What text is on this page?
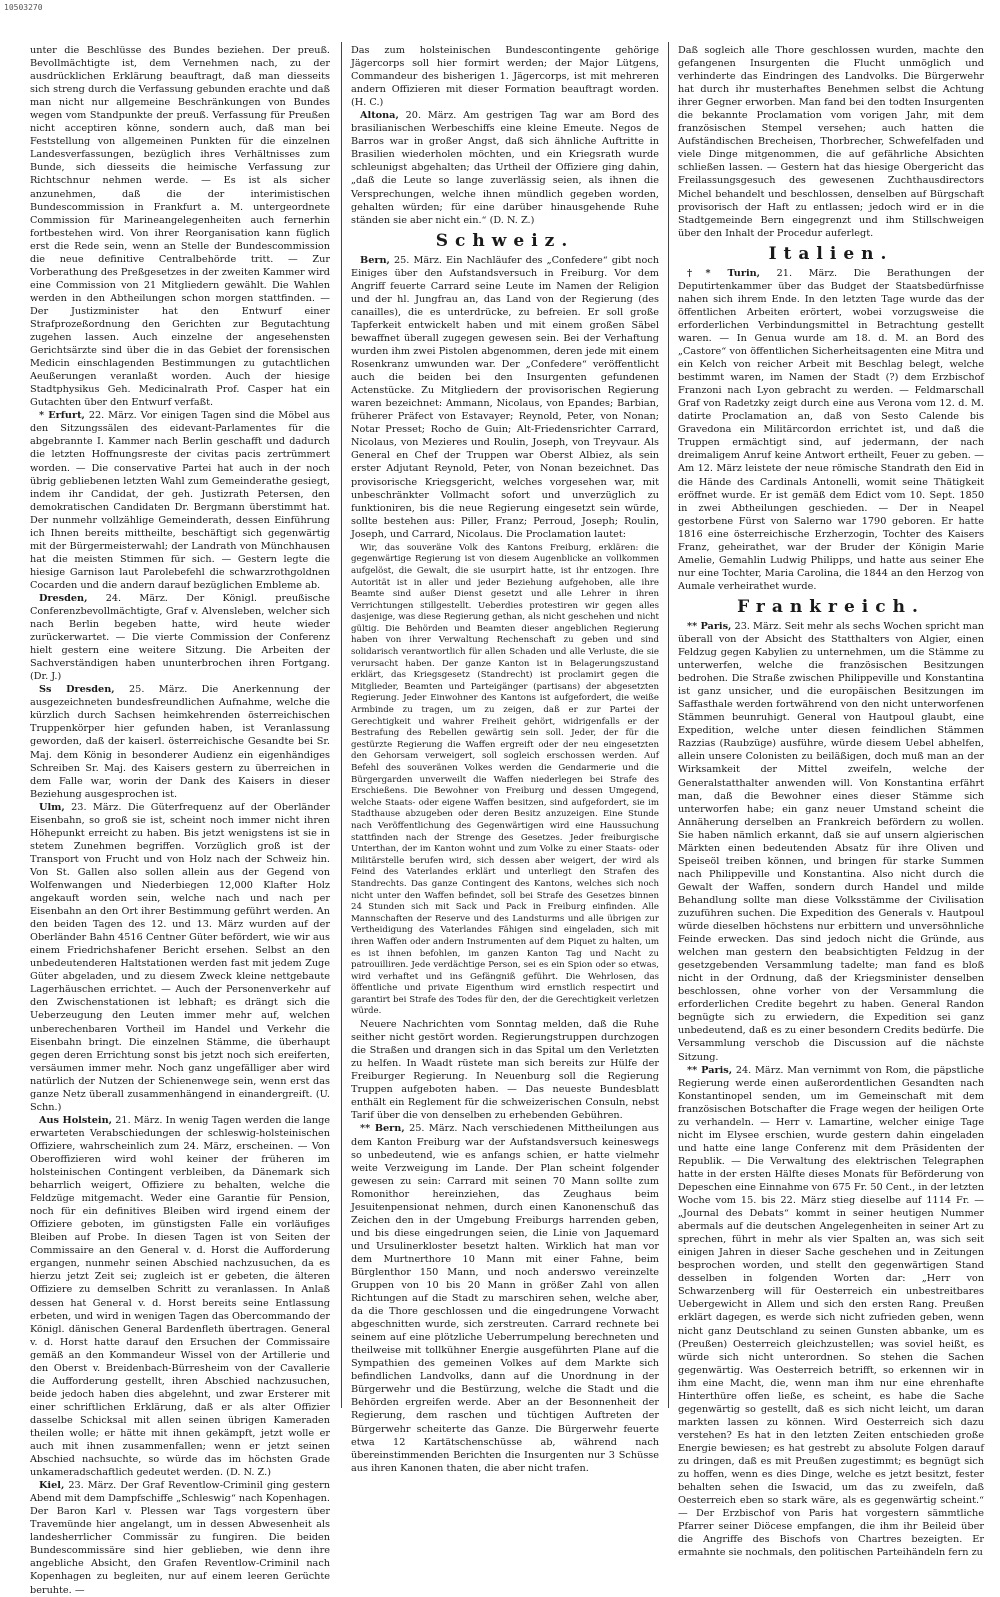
10503270

unter die Beschlüsse des Bundes beziehen. Der preuß. Bevollmächtigte ist, dem Vernehmen nach, zu der ausdrücklichen Erklärung beauftragt, daß man diesseits sich streng durch die Verfassung gebunden erachte und daß man nicht nur allgemeine Beschränkungen von Bundes wegen vom Standpunkte der preuß. Verfassung für Preußen nicht acceptiren könne, sondern auch, daß man bei Feststellung von allgemeinen Punkten für die einzelnen Landesverfassungen, bezüglich ihres Verhältnisses zum Bunde, sich diesseits die heimische Verfassung zur Richtschnur nehmen werde. — Es ist als sicher anzunehmen, daß die der interimistischen Bundescommission in Frankfurt a. M. untergeordnete Commission für Marineangelegenheiten auch fernerhin fortbestehen wird. Von ihrer Reorganisation kann füglich erst die Rede sein, wenn an Stelle der Bundescommission die neue definitive Centralbehörde tritt. — Zur Vorberathung des Preßgesetzes in der zweiten Kammer wird eine Commission von 21 Mitgliedern gewählt. Die Wahlen werden in den Abtheilungen schon morgen stattfinden. — Der Justizminister hat den Entwurf einer Strafprozeßordnung den Gerichten zur Begutachtung zugehen lassen. Auch einzelne der angesehensten Gerichtsärzte sind über die in das Gebiet der forensischen Medicin einschlagenden Bestimmungen zu gutachtlichen Aeußerungen veranlaßt worden. Auch der hiesige Stadtphysikus Geh. Medicinalrath Prof. Casper hat ein Gutachten über den Entwurf verfaßt.

* Erfurt, 22. März. Vor einigen Tagen sind die Möbel aus den Sitzungssälen des eidevant-Parlamentes für die abgebrannte I. Kammer nach Berlin geschafft und dadurch die letzten Hoffnungsreste der civitas pacis zertrümmert worden. — Die conservative Partei hat auch in der noch übrig gebliebenen letzten Wahl zum Gemeinderathe gesiegt, indem ihr Candidat, der geh. Justizrath Petersen, den demokratischen Candidaten Dr. Bergmann überstimmt hat. Der nunmehr vollzählige Gemeinderath, dessen Einführung ich Ihnen bereits mittheilte, beschäftigt sich gegenwärtig mit der Bürgermeisterwahl; der Landrath von Münchhausen hat die meisten Stimmen für sich. — Gestern legte die hiesige Garnison laut Parolebefehl die schwarzrothgoldnen Cocarden und die andern darauf bezüglichen Embleme ab.

Dresden, 24. März. Der Königl. preußische Conferenzbevollmächtigte, Graf v. Alvensleben, welcher sich nach Berlin begeben hatte, wird heute wieder zurückerwartet. — Die vierte Commission der Conferenz hielt gestern eine weitere Sitzung. Die Arbeiten der Sachverständigen haben ununterbrochen ihren Fortgang. (Dr. J.)

Ss Dresden, 25. März. Die Anerkennung der ausgezeichneten bundesfreundlichen Aufnahme, welche die kürzlich durch Sachsen heimkehrenden österreichischen Truppenkörper hier gefunden haben, ist Veranlassung geworden, daß der kaiserl. österreichische Gesandte bei Sr. Maj. dem König in besonderer Audienz ein eigenhändiges Schreiben Sr. Maj. des Kaisers gestern zu überreichen in dem Falle war, worin der Dank des Kaisers in dieser Beziehung ausgesprochen ist.

Ulm, 23. März. Die Güterfrequenz auf der Oberländer Eisenbahn, so groß sie ist, scheint noch immer nicht ihren Höhepunkt erreicht zu haben. Bis jetzt wenigstens ist sie in stetem Zunehmen begriffen. Vorzüglich groß ist der Transport von Frucht und von Holz nach der Schweiz hin. Von St. Gallen also sollen allein aus der Gegend von Wolfenwangen und Niederbiegen 12,000 Klafter Holz angekauft worden sein, welche nach und nach per Eisenbahn an den Ort ihrer Bestimmung geführt werden. An den beiden Tagen des 12. und 13. März wurden auf der Oberländer Bahn 4516 Centner Güter befördert, wie wir aus einem Friedrichshafener Bericht ersehen. Selbst an den unbedeutenderen Haltstationen werden fast mit jedem Zuge Güter abgeladen, und zu diesem Zweck kleine nettgebaute Lagerhäuschen errichtet. — Auch der Personenverkehr auf den Zwischenstationen ist lebhaft; es drängt sich die Ueberzeugung den Leuten immer mehr auf, welchen unberechenbaren Vortheil im Handel und Verkehr die Eisenbahn bringt. Die einzelnen Stämme, die überhaupt gegen deren Errichtung sonst bis jetzt noch sich ereiferten, versäumen immer mehr. Noch ganz ungefälliger aber wird natürlich der Nutzen der Schienenwege sein, wenn erst das ganze Netz überall zusammenhängend in einandergreift. (U. Schn.)

Aus Holstein, 21. März. In wenig Tagen werden die lange erwarteten Verabschiedungen der schleswig-holsteinischen Offiziere, wahrscheinlich zum 24. März, erscheinen. — Von Oberoffizieren wird wohl keiner der früheren im holsteinischen Contingent verbleiben, da Dänemark sich beharrlich weigert, Offiziere zu behalten, welche die Feldzüge mitgemacht. Weder eine Garantie für Pension, noch für ein definitives Bleiben wird irgend einem der Offiziere geboten, im günstigsten Falle ein vorläufiges Bleiben auf Probe. In diesen Tagen ist von Seiten der Commissaire an den General v. d. Horst die Aufforderung ergangen, nunmehr seinen Abschied nachzusuchen, da es hierzu jetzt Zeit sei; zugleich ist er gebeten, die älteren Offiziere zu demselben Schritt zu veranlassen. In Anlaß dessen hat General v. d. Horst bereits seine Entlassung erbeten, und wird in wenigen Tagen das Obercommando der Königl. dänischen General Bardenfleth übertragen. General v. d. Horst hatte darauf den Ersuchen der Commissaire gemäß an den Kommandeur Wissel von der Artillerie und den Oberst v. Breidenbach-Bürresheim von der Cavallerie die Aufforderung gestellt, ihren Abschied nachzusuchen, beide jedoch haben dies abgelehnt, und zwar Ersterer mit einer schriftlichen Erklärung, daß er als alter Offizier dasselbe Schicksal mit allen seinen übrigen Kameraden theilen wolle; er hätte mit ihnen gekämpft, jetzt wolle er auch mit ihnen zusammenfallen; wenn er jetzt seinen Abschied nachsuchte, so würde das im höchsten Grade unkameradschaftlich gedeutet werden. (D. N. Z.)

Kiel, 23. März. Der Graf Reventlow-Criminil ging gestern Abend mit dem Dampfschiffe „Schleswig“ nach Kopenhagen. Der Baron Karl v. Plessen war Tags vorgestern über Travemünde hier angelangt, um in dessen Abwesenheit als landesherrlicher Commissär zu fungiren. Die beiden Bundescommissäre sind hier geblieben, wie denn ihre angebliche Absicht, den Grafen Reventlow-Criminil nach Kopenhagen zu begleiten, nur auf einem leeren Gerüchte beruhte. —

Das zum holsteinischen Bundescontingente gehörige Jägercorps soll hier formirt werden; der Major Lütgens, Commandeur des bisherigen 1. Jägercorps, ist mit mehreren andern Offizieren mit dieser Formation beauftragt worden. (H. C.)

Altona, 20. März. Am gestrigen Tag war am Bord des brasilianischen Werbeschiffs eine kleine Emeute. Negos de Barros war in großer Angst, daß sich ähnliche Auftritte in Brasilien wiederholen möchten, und ein Kriegsrath wurde schleunigst abgehalten; das Urtheil der Offiziere ging dahin, „daß die Leute so lange zuverlässig seien, als ihnen die Versprechungen, welche ihnen mündlich gegeben worden, gehalten würden; für eine darüber hinausgehende Ruhe ständen sie aber nicht ein.“ (D. N. Z.)

Schweiz.

Bern, 25. März. Ein Nachläufer des „Confedere“ gibt noch Einiges über den Aufstandsversuch in Freiburg. Vor dem Angriff feuerte Carrard seine Leute im Namen der Religion und der hl. Jungfrau an, das Land von der Regierung (des canailles), die es unterdrücke, zu befreien. Er soll große Tapferkeit entwickelt haben und mit einem großen Säbel bewaffnet überall zugegen gewesen sein. Bei der Verhaftung wurden ihm zwei Pistolen abgenommen, deren jede mit einem Rosenkranz umwunden war. Der „Confedere“ veröffentlicht auch die beiden bei den Insurgenten gefundenen Actenstücke. Zu Mitgliedern der provisorischen Regierung waren bezeichnet: Ammann, Nicolaus, von Epandes; Barbian, früherer Präfect von Estavayer; Reynold, Peter, von Nonan; Notar Presset; Rocho de Guin; Alt-Friedensrichter Carrard, Nicolaus, von Mezieres und Roulin, Joseph, von Treyvaur. Als General en Chef der Truppen war Oberst Albiez, als sein erster Adjutant Reynold, Peter, von Nonan bezeichnet. Das provisorische Kriegsgericht, welches vorgesehen war, mit unbeschränkter Vollmacht sofort und unverzüglich zu funktioniren, bis die neue Regierung eingesetzt sein würde, sollte bestehen aus: Piller, Franz; Perroud, Joseph; Roulin, Joseph, und Carrard, Nicolaus. Die Proclamation lautet:

Wir, das souveräne Volk des Kantons Freiburg, erklären: die gegenwärtige Regierung ist von diesem Augenblicke an vollkommen aufgelöst, die Gewalt, die sie usurpirt hatte, ist ihr entzogen. Ihre Autorität ist in aller und jeder Beziehung aufgehoben, alle ihre Beamte sind außer Dienst gesetzt und alle Lehrer in ihren Verrichtungen stillgestellt. Ueberdies protestiren wir gegen alles dasjenige, was diese Regierung gethan, als nicht geschehen und nicht gültig. Die Behörden und Beamten dieser angeblichen Regierung haben von ihrer Verwaltung Rechenschaft zu geben und sind solidarisch verantwortlich für allen Schaden und alle Verluste, die sie verursacht haben. Der ganze Kanton ist in Belagerungszustand erklärt, das Kriegsgesetz (Standrecht) ist proclamirt gegen die Mitglieder, Beamten und Parteigänger (partisans) der abgesetzten Regierung. Jeder Einwohner des Kantons ist aufgefordert, die weiße Armbinde zu tragen, um zu zeigen, daß er zur Partei der Gerechtigkeit und wahrer Freiheit gehört, widrigenfalls er der Bestrafung des Rebellen gewärtig sein soll. Jeder, der für die gestürzte Regierung die Waffen ergreift oder der neu eingesetzten den Gehorsam verweigert, soll sogleich erschossen werden. Auf Befehl des souveränen Volkes werden die Gendarmerie und die Bürgergarden unverweilt die Waffen niederlegen bei Strafe des Erschießens. Die Bewohner von Freiburg und dessen Umgegend, welche Staats- oder eigene Waffen besitzen, sind aufgefordert, sie im Stadthause abzugeben oder deren Besitz anzuzeigen. Eine Stunde nach Veröffentlichung des Gegenwärtigen wird eine Haussuchung stattfinden nach der Strenge des Gesetzes. Jeder freiburgische Unterthan, der im Kanton wohnt und zum Volke zu einer Staats- oder Militärstelle berufen wird, sich dessen aber weigert, der wird als Feind des Vaterlandes erklärt und unterliegt den Strafen des Standrechts. Das ganze Contingent des Kantons, welches sich noch nicht unter den Waffen befindet, soll bei Strafe des Gesetzes binnen 24 Stunden sich mit Sack und Pack in Freiburg einfinden. Alle Mannschaften der Reserve und des Landsturms und alle übrigen zur Vertheidigung des Vaterlandes Fähigen sind eingeladen, sich mit ihren Waffen oder andern Instrumenten auf dem Piquet zu halten, um es ist ihnen befohlen, im ganzen Kanton Tag und Nacht zu patrouilliren. Jede verdächtige Person, sei es ein Spion oder so etwas, wird verhaftet und ins Gefängniß geführt. Die Wehrlosen, das öffentliche und private Eigenthum wird ernstlich respectirt und garantirt bei Strafe des Todes für den, der die Gerechtigkeit verletzen würde.

Neuere Nachrichten vom Sonntag melden, daß die Ruhe seither nicht gestört worden. Regierungstruppen durchzogen die Straßen und drangen sich in das Spital um den Verletzten zu helfen. In Waadt rüstete man sich bereits zur Hülfe der Freiburger Regierung. In Neuenburg soll die Regierung Truppen aufgeboten haben. — Das neueste Bundesblatt enthält ein Reglement für die schweizerischen Consuln, nebst Tarif über die von denselben zu erhebenden Gebühren.

** Bern, 25. März. Nach verschiedenen Mittheilungen aus dem Kanton Freiburg war der Aufstandsversuch keineswegs so unbedeutend, wie es anfangs schien, er hatte vielmehr weite Verzweigung im Lande. Der Plan scheint folgender gewesen zu sein: Carrard mit seinen 70 Mann sollte zum Romonithor hereinziehen, das Zeughaus beim Jesuitenpensionat nehmen, durch einen Kanonenschuß das Zeichen den in der Umgebung Freiburgs harrenden geben, und bis diese eingedrungen seien, die Linie von Jaquemard und Ursulinerkloster besetzt halten. Wirklich hat man vor dem Murtnerthore 10 Mann mit einer Fahne, beim Bürglenthor 150 Mann, und noch anderswo vereinzelte Gruppen von 10 bis 20 Mann in größer Zahl von allen Richtungen auf die Stadt zu marschiren sehen, welche aber, da die Thore geschlossen und die eingedrungene Vorwacht abgeschnitten wurde, sich zerstreuten. Carrard rechnete bei seinem auf eine plötzliche Ueberrumpelung berechneten und theilweise mit tollkühner Energie ausgeführten Plane auf die Sympathien des gemeinen Volkes auf dem Markte sich befindlichen Landvolks, dann auf die Unordnung in der Bürgerwehr und die Bestürzung, welche die Stadt und die Behörden ergreifen werde. Aber an der Besonnenheit der Regierung, dem raschen und tüchtigen Auftreten der Bürgerwehr scheiterte das Ganze. Die Bürgerwehr feuerte etwa 12 Kartätschenschüsse ab, während nach übereinstimmenden Berichten die Insurgenten nur 3 Schüsse aus ihren Kanonen thaten, die aber nicht trafen.

Daß sogleich alle Thore geschlossen wurden, machte den gefangenen Insurgenten die Flucht unmöglich und verhinderte das Eindringen des Landvolks. Die Bürgerwehr hat durch ihr musterhaftes Benehmen selbst die Achtung ihrer Gegner erworben. Man fand bei den todten Insurgenten die bekannte Proclamation vom vorigen Jahr, mit dem französischen Stempel versehen; auch hatten die Aufständischen Brecheisen, Thorbrecher, Schwefelfaden und viele Dinge mitgenommen, die auf gefährliche Absichten schließen lassen. — Gestern hat das hiesige Obergericht das Freilassungsgesuch des gewesenen Zuchthausdirectors Michel behandelt und beschlossen, denselben auf Bürgschaft provisorisch der Haft zu entlassen; jedoch wird er in die Stadtgemeinde Bern eingegrenzt und ihm Stillschweigen über den Inhalt der Procedur auferlegt.

Italien.

†* Turin, 21. März. Die Berathungen der Deputirtenkammer über das Budget der Staatsbedürfnisse nahen sich ihrem Ende. In den letzten Tage wurde das der öffentlichen Arbeiten erörtert, wobei vorzugsweise die erforderlichen Verbindungsmittel in Betrachtung gestellt waren. — In Genua wurde am 18. d. M. an Bord des „Castore“ von öffentlichen Sicherheitsagenten eine Mitra und ein Kelch von reicher Arbeit mit Beschlag belegt, welche bestimmt waren, im Namen der Stadt (?) dem Erzbischof Franzoni nach Lyon gebracht zu werden. — Feldmarschall Graf von Radetzky zeigt durch eine aus Verona vom 12. d. M. datirte Proclamation an, daß von Sesto Calende bis Gravedona ein Militärcordon errichtet ist, und daß die Truppen ermächtigt sind, auf jedermann, der nach dreimaligem Anruf keine Antwort ertheilt, Feuer zu geben. — Am 12. März leistete der neue römische Standrath den Eid in die Hände des Cardinals Antonelli, womit seine Thätigkeit eröffnet wurde. Er ist gemäß dem Edict vom 10. Sept. 1850 in zwei Abtheilungen geschieden. — Der in Neapel gestorbene Fürst von Salerno war 1790 geboren. Er hatte 1816 eine österreichische Erzherzogin, Tochter des Kaisers Franz, geheirathet, war der Bruder der Königin Marie Amelie, Gemahlin Ludwig Philipps, und hatte aus seiner Ehe nur eine Tochter, Maria Carolina, die 1844 an den Herzog von Aumale verheirathet wurde.

Frankreich.

** Paris, 23. März. Seit mehr als sechs Wochen spricht man überall von der Absicht des Statthalters von Algier, einen Feldzug gegen Kabylien zu unternehmen, um die Stämme zu unterwerfen, welche die französischen Besitzungen bedrohen. Die Straße zwischen Philippeville und Konstantina ist ganz unsicher, und die europäischen Besitzungen im Saffasthale werden fortwährend von den nicht unterworfenen Stämmen beunruhigt. General von Hautpoul glaubt, eine Expedition, welche unter diesen feindlichen Stämmen Razzias (Raubzüge) ausführe, würde diesem Uebel abhelfen, allein unsere Colonisten zu beiläßigen, doch muß man an der Wirksamkeit der Mittel zweifeln, welche der Generalstatthalter anwenden will. Von Konstantina erfährt man, daß die Bewohner eines dieser Stämme sich unterworfen habe; ein ganz neuer Umstand scheint die Annäherung derselben an Frankreich befördern zu wollen. Sie haben nämlich erkannt, daß sie auf unsern algierischen Märkten einen bedeutenden Absatz für ihre Oliven und Speiseöl treiben können, und bringen für starke Summen nach Philippeville und Konstantina. Also nicht durch die Gewalt der Waffen, sondern durch Handel und milde Behandlung sollte man diese Volksstämme der Civilisation zuzuführen suchen. Die Expedition des Generals v. Hautpoul würde dieselben höchstens nur erbittern und unversöhnliche Feinde erwecken. Das sind jedoch nicht die Gründe, aus welchen man gestern den beabsichtigten Feldzug in der gesetzgebenden Versammlung tadelte; man fand es bloß nicht in der Ordnung, daß der Kriegsminister denselben beschlossen, ohne vorher von der Versammlung die erforderlichen Credite begehrt zu haben. General Randon begnügte sich zu erwiedern, die Expedition sei ganz unbedeutend, daß es zu einer besondern Credits bedürfe. Die Versammlung verschob die Discussion auf die nächste Sitzung.

** Paris, 24. März. Man vernimmt von Rom, die päpstliche Regierung werde einen außerordentlichen Gesandten nach Konstantinopel senden, um im Gemeinschaft mit dem französischen Botschafter die Frage wegen der heiligen Orte zu verhandeln. — Herr v. Lamartine, welcher einige Tage nicht im Elysee erschien, wurde gestern dahin eingeladen und hatte eine lange Conferenz mit dem Präsidenten der Republik. — Die Verwaltung des elektrischen Telegraphen hatte in der ersten Hälfte dieses Monats für Beförderung von Depeschen eine Einnahme von 675 Fr. 50 Cent., in der letzten Woche vom 15. bis 22. März stieg dieselbe auf 1114 Fr. — „Journal des Debats“ kommt in seiner heutigen Nummer abermals auf die deutschen Angelegenheiten in seiner Art zu sprechen, führt in mehr als vier Spalten an, was sich seit einigen Jahren in dieser Sache geschehen und in Zeitungen besprochen worden, und stellt den gegenwärtigen Stand desselben in folgenden Worten dar: „Herr von Schwarzenberg will für Oesterreich ein unbestreitbares Uebergewicht in Allem und sich den ersten Rang. Preußen erklärt dagegen, es werde sich nicht zufrieden geben, wenn nicht ganz Deutschland zu seinen Gunsten abbanke, um es (Preußen) Oesterreich gleichzustellen; was soviel heißt, es würde sich nicht unterordnen. So stehen die Sachen gegenwärtig. Was Oesterreich betrifft, so erkennen wir in ihm eine Macht, die, wenn man ihm nur eine ehrenhafte Hinterthüre offen ließe, es scheint, es habe die Sache gegenwärtig so gestellt, daß es sich nicht leicht, um daran markten lassen zu können. Wird Oesterreich sich dazu verstehen? Es hat in den letzten Zeiten entschieden große Energie bewiesen; es hat gestrebt zu absolute Folgen darauf zu dringen, daß es mit Preußen zugestimmt; es begnügt sich zu hoffen, wenn es dies Dinge, welche es jetzt besitzt, fester behalten sehen die Iswacid, um das zu zweifeln, daß Oesterreich eben so stark wäre, als es gegenwärtig scheint.“ — Der Erzbischof von Paris hat vorgestern sämmtliche Pfarrer seiner Diöcese empfangen, die ihm ihr Beileid über die Angriffe des Bischofs von Chartres bezeigten. Er ermahnte sie nochmals, den politischen Parteihändeln fern zu
